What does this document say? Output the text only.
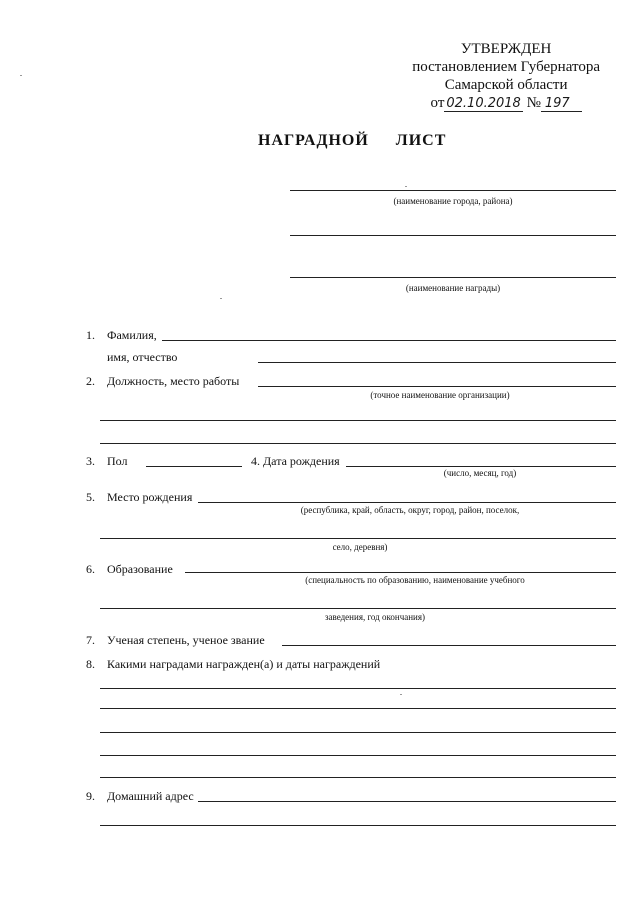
УТВЕРЖДЕН
постановлением Губернатора
Самарской области
от 02.10.2018 № 197
НАГРАДНОЙ ЛИСТ
(наименование города, района)
(наименование награды)
1. Фамилия,
имя, отчество
2. Должность, место работы
(точное наименование организации)
3. Пол	4. Дата рождения
(число, месяц, год)
5. Место рождения
(республика, край, область, округ, город, район, поселок,
село, деревня)
6. Образование
(специальность по образованию, наименование учебного
заведения, год окончания)
7. Ученая степень, ученое звание
8. Какими наградами награжден(а) и даты награждений
9. Домашний адрес
